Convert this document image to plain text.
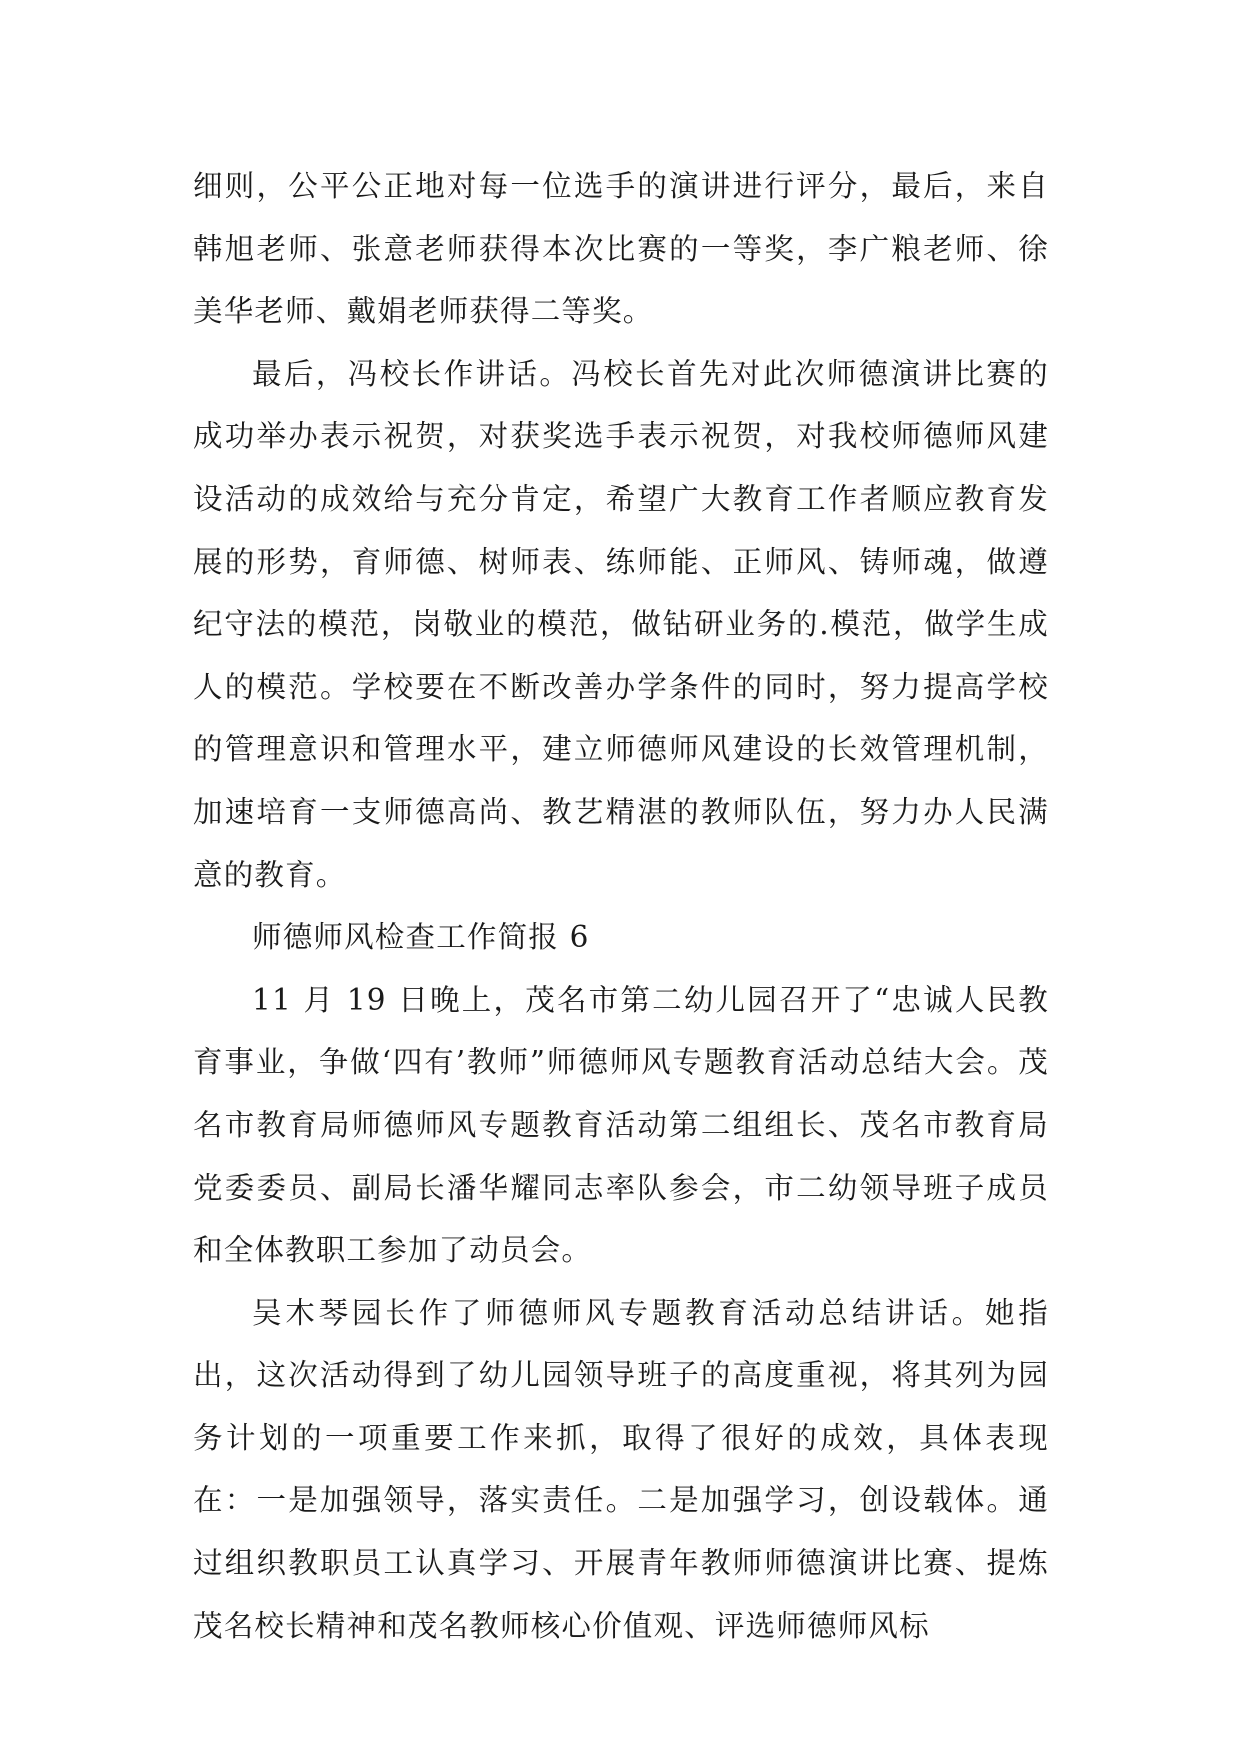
细则，公平公正地对每一位选手的演讲进行评分，最后，来自韩旭老师、张意老师获得本次比赛的一等奖，李广粮老师、徐美华老师、戴娟老师获得二等奖。

最后，冯校长作讲话。冯校长首先对此次师德演讲比赛的成功举办表示祝贺，对获奖选手表示祝贺，对我校师德师风建设活动的成效给与充分肯定，希望广大教育工作者顺应教育发展的形势，育师德、树师表、练师能、正师风、铸师魂，做遵纪守法的模范，岗敬业的模范，做钻研业务的.模范，做学生成人的模范。学校要在不断改善办学条件的同时，努力提高学校的管理意识和管理水平，建立师德师风建设的长效管理机制，加速培育一支师德高尚、教艺精湛的教师队伍，努力办人民满意的教育。

师德师风检查工作简报 6

11 月 19 日晚上，茂名市第二幼儿园召开了“忠诚人民教育事业，争做‘四有’教师”师德师风专题教育活动总结大会。茂名市教育局师德师风专题教育活动第二组组长、茂名市教育局党委委员、副局长潘华耀同志率队参会，市二幼领导班子成员和全体教职工参加了动员会。

吴木琴园长作了师德师风专题教育活动总结讲话。她指出，这次活动得到了幼儿园领导班子的高度重视，将其列为园务计划的一项重要工作来抓，取得了很好的成效，具体表现在：一是加强领导，落实责任。二是加强学习，创设载体。通过组织教职员工认真学习、开展青年教师师德演讲比赛、提炼茂名校长精神和茂名教师核心价值观、评选师德师风标
